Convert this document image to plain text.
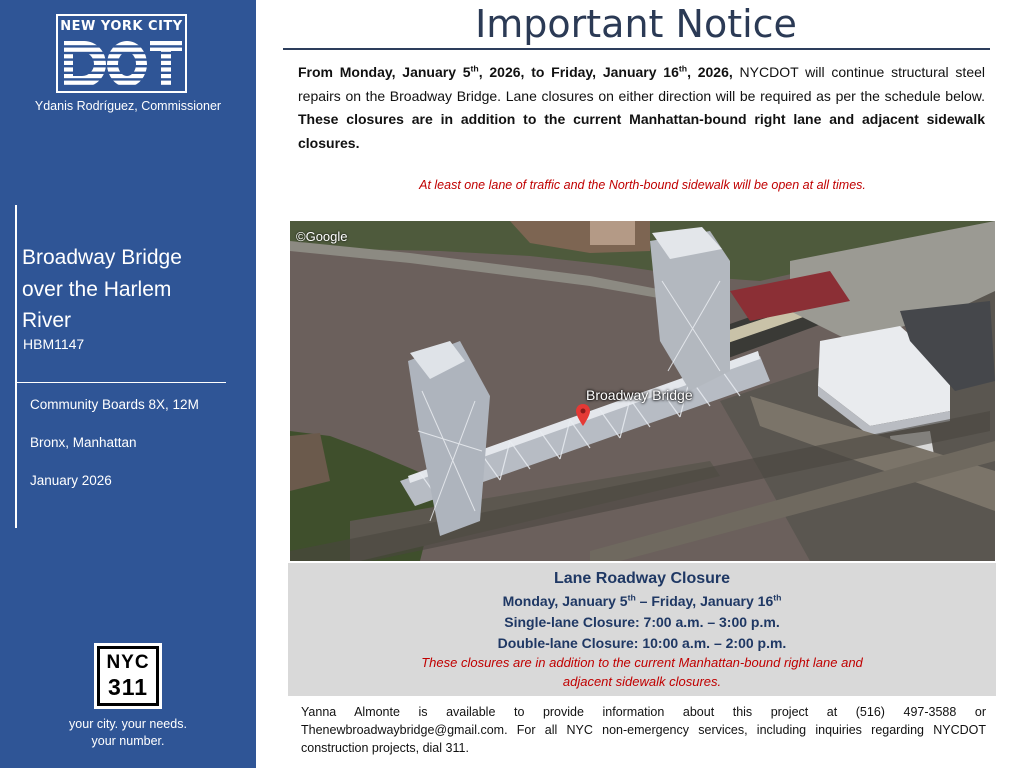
NEW YORK CITY
Ydanis Rodríguez, Commissioner
Broadway Bridge
over the Harlem
River
HBM1147
Community Boards 8X, 12M
Bronx, Manhattan
January 2026
NYC
311
your city. your needs.
your number.
Important Notice
From Monday, January 5th, 2026, to Friday, January 16th, 2026, NYCDOT will continue structural steel repairs on the Broadway Bridge. Lane closures on either direction will be required as per the schedule below. These closures are in addition to the current Manhattan-bound right lane and adjacent sidewalk closures.
At least one lane of traffic and the North-bound sidewalk will be open at all times.
©Google
Broadway Bridge
Lane Roadway Closure
Monday, January 5th – Friday, January 16th
Single-lane Closure: 7:00 a.m. – 3:00 p.m.
Double-lane Closure: 10:00 a.m. – 2:00 p.m.
These closures are in addition to the current Manhattan-bound right lane and
adjacent sidewalk closures.
Yanna Almonte is available to provide information about this project at (516) 497-3588 or Thenewbroadwaybridge@gmail.com. For all NYC non-emergency services, including inquiries regarding NYCDOT construction projects, dial 311.
